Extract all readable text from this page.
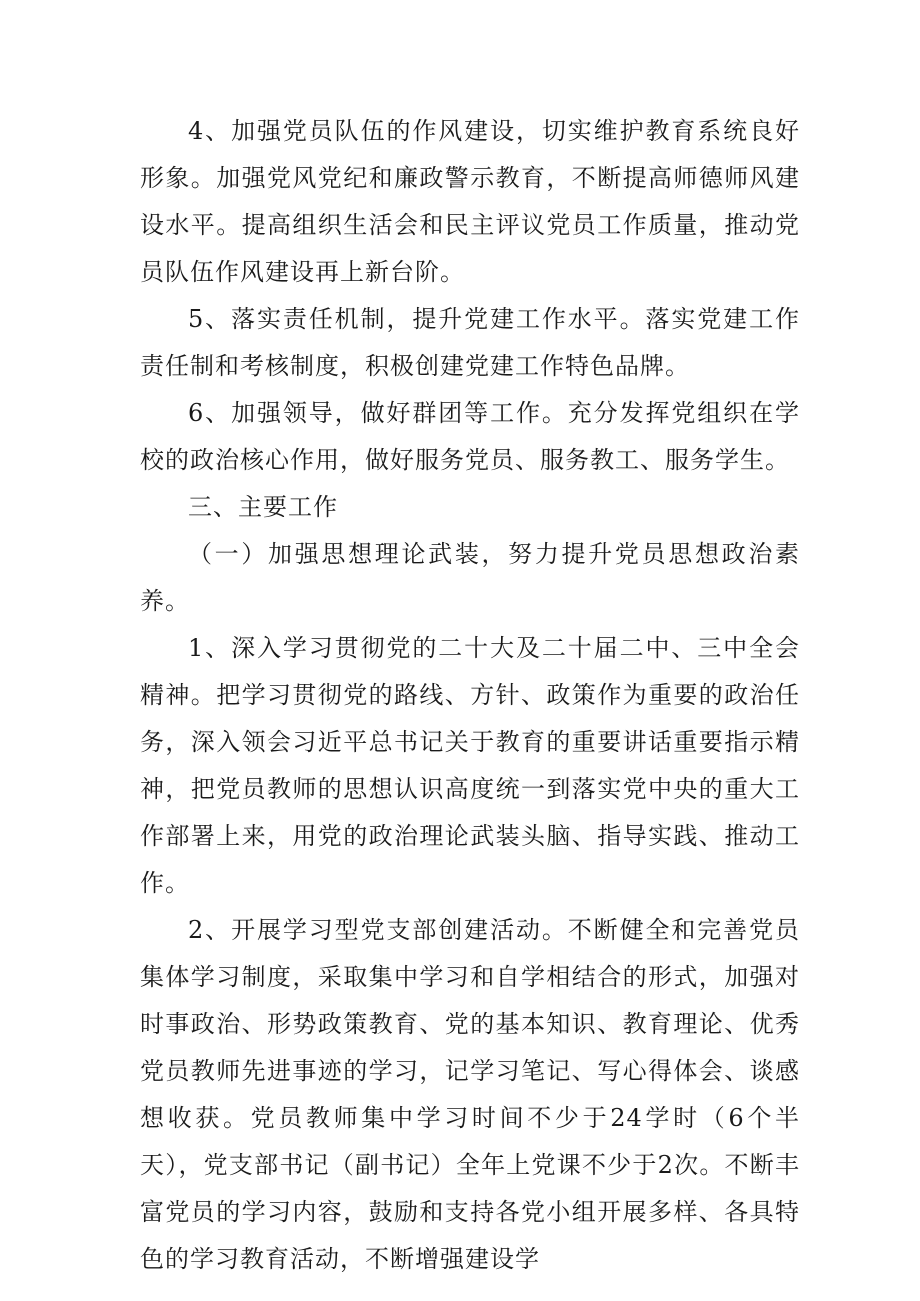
4、加强党员队伍的作风建设，切实维护教育系统良好形象。加强党风党纪和廉政警示教育，不断提高师德师风建设水平。提高组织生活会和民主评议党员工作质量，推动党员队伍作风建设再上新台阶。

5、落实责任机制，提升党建工作水平。落实党建工作责任制和考核制度，积极创建党建工作特色品牌。

6、加强领导，做好群团等工作。充分发挥党组织在学校的政治核心作用，做好服务党员、服务教工、服务学生。

三、主要工作

（一）加强思想理论武装，努力提升党员思想政治素养。

1、深入学习贯彻党的二十大及二十届二中、三中全会精神。把学习贯彻党的路线、方针、政策作为重要的政治任务，深入领会习近平总书记关于教育的重要讲话重要指示精神，把党员教师的思想认识高度统一到落实党中央的重大工作部署上来，用党的政治理论武装头脑、指导实践、推动工作。

2、开展学习型党支部创建活动。不断健全和完善党员集体学习制度，采取集中学习和自学相结合的形式，加强对时事政治、形势政策教育、党的基本知识、教育理论、优秀党员教师先进事迹的学习，记学习笔记、写心得体会、谈感想收获。党员教师集中学习时间不少于24学时（6个半天），党支部书记（副书记）全年上党课不少于2次。不断丰富党员的学习内容，鼓励和支持各党小组开展多样、各具特色的学习教育活动，不断增强建设学
